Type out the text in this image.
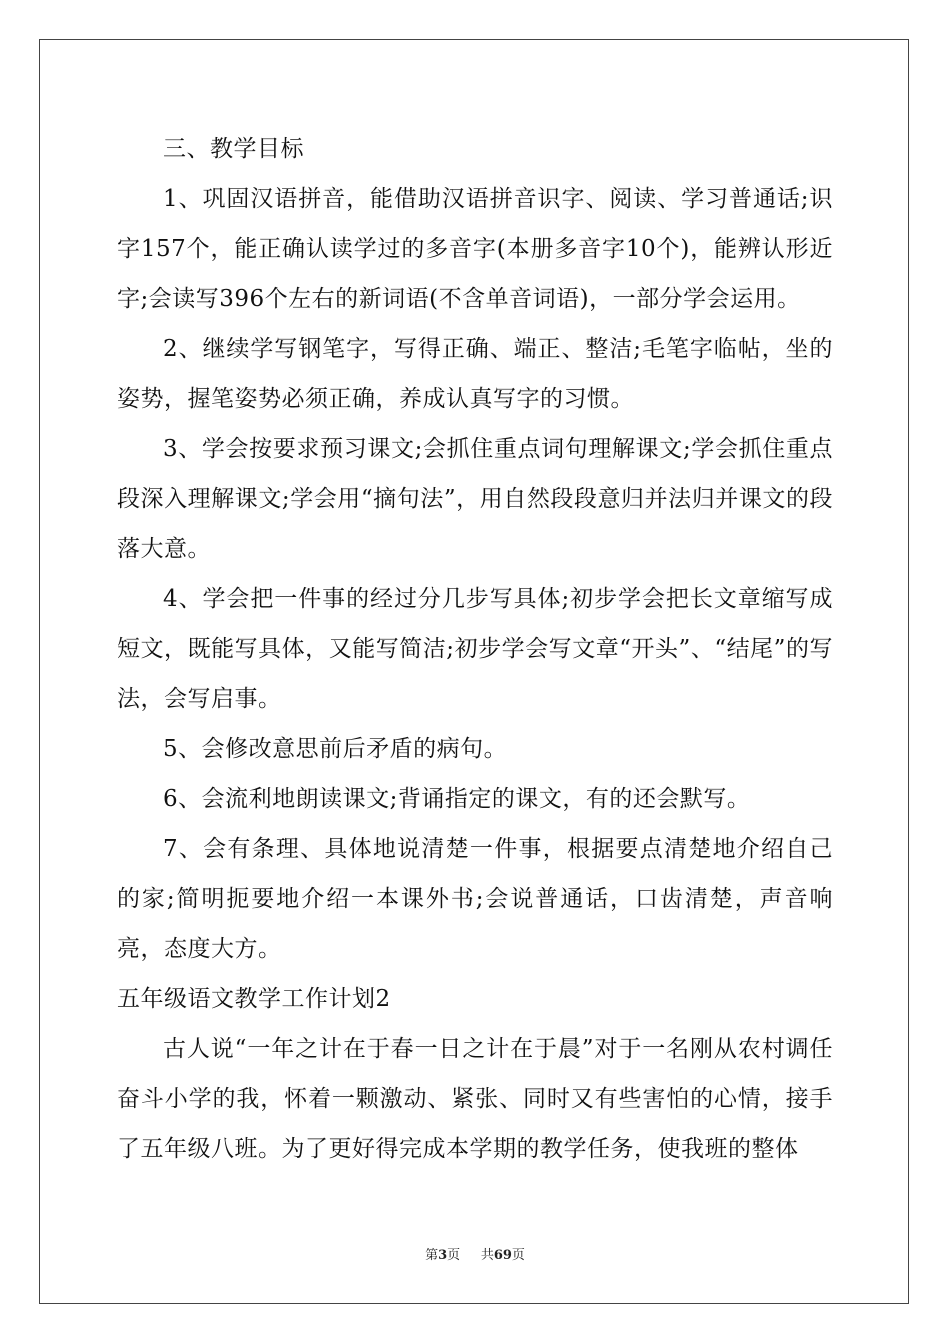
三、教学目标

1、巩固汉语拼音，能借助汉语拼音识字、阅读、学习普通话;识字157个，能正确认读学过的多音字(本册多音字10个)，能辨认形近字;会读写396个左右的新词语(不含单音词语)，一部分学会运用。

2、继续学写钢笔字，写得正确、端正、整洁;毛笔字临帖，坐的姿势，握笔姿势必须正确，养成认真写字的习惯。

3、学会按要求预习课文;会抓住重点词句理解课文;学会抓住重点段深入理解课文;学会用“摘句法”，用自然段段意归并法归并课文的段落大意。

4、学会把一件事的经过分几步写具体;初步学会把长文章缩写成短文，既能写具体，又能写简洁;初步学会写文章“开头”、“结尾”的写法，会写启事。

5、会修改意思前后矛盾的病句。

6、会流利地朗读课文;背诵指定的课文，有的还会默写。

7、会有条理、具体地说清楚一件事，根据要点清楚地介绍自己的家;简明扼要地介绍一本课外书;会说普通话，口齿清楚，声音响亮，态度大方。

五年级语文教学工作计划2

古人说“一年之计在于春一日之计在于晨”对于一名刚从农村调任奋斗小学的我，怀着一颗激动、紧张、同时又有些害怕的心情，接手了五年级八班。为了更好得完成本学期的教学任务，使我班的整体

第3页 共69页
